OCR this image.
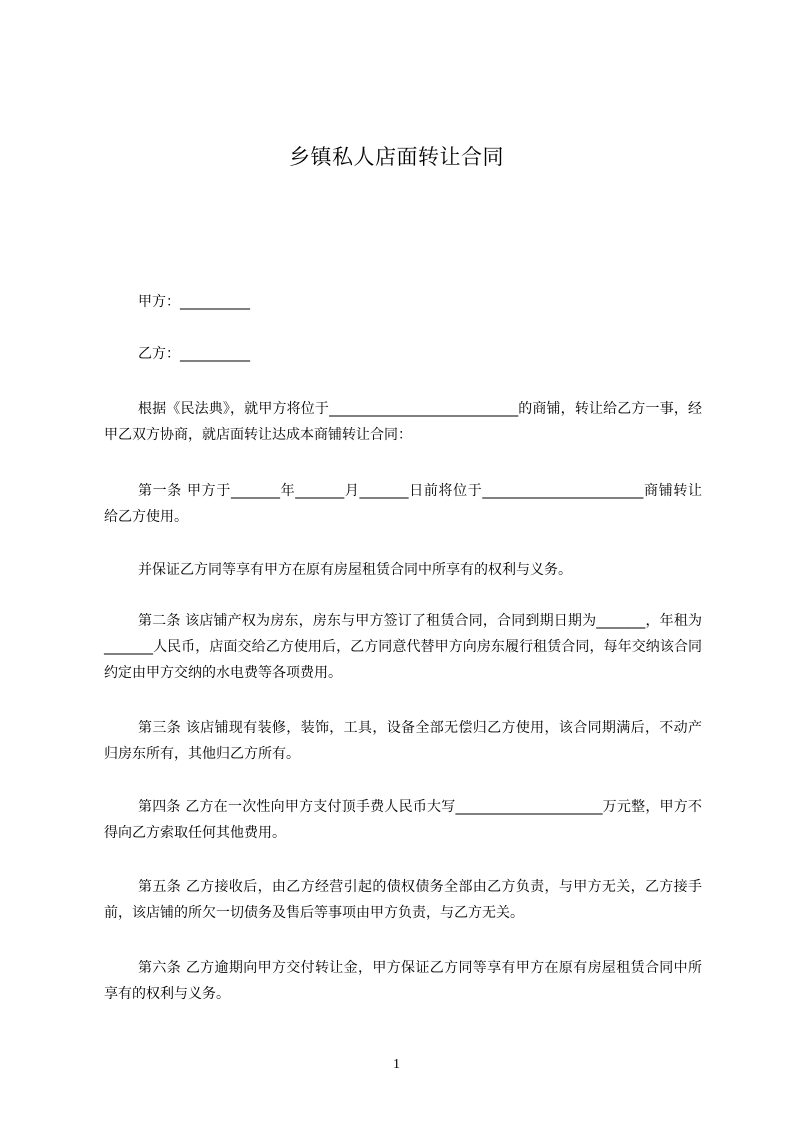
乡镇私人店面转让合同

甲方：__________

乙方：__________

根据《民法典》，就甲方将位于___________________________的商铺，转让给乙方一事，经甲乙双方协商，就店面转让达成本商铺转让合同：

第一条 甲方于_______年_______月_______日前将位于_______________________商铺转让给乙方使用。

并保证乙方同等享有甲方在原有房屋租赁合同中所享有的权利与义务。

第二条 该店铺产权为房东，房东与甲方签订了租赁合同，合同到期日期为_______，年租为_______人民币，店面交给乙方使用后，乙方同意代替甲方向房东履行租赁合同，每年交纳该合同约定由甲方交纳的水电费等各项费用。

第三条 该店铺现有装修，装饰，工具，设备全部无偿归乙方使用，该合同期满后，不动产归房东所有，其他归乙方所有。

第四条 乙方在一次性向甲方支付顶手费人民币大写_____________________万元整，甲方不得向乙方索取任何其他费用。

第五条 乙方接收后，由乙方经营引起的债权债务全部由乙方负责，与甲方无关，乙方接手前，该店铺的所欠一切债务及售后等事项由甲方负责，与乙方无关。

第六条 乙方逾期向甲方交付转让金，甲方保证乙方同等享有甲方在原有房屋租赁合同中所享有的权利与义务。

1
